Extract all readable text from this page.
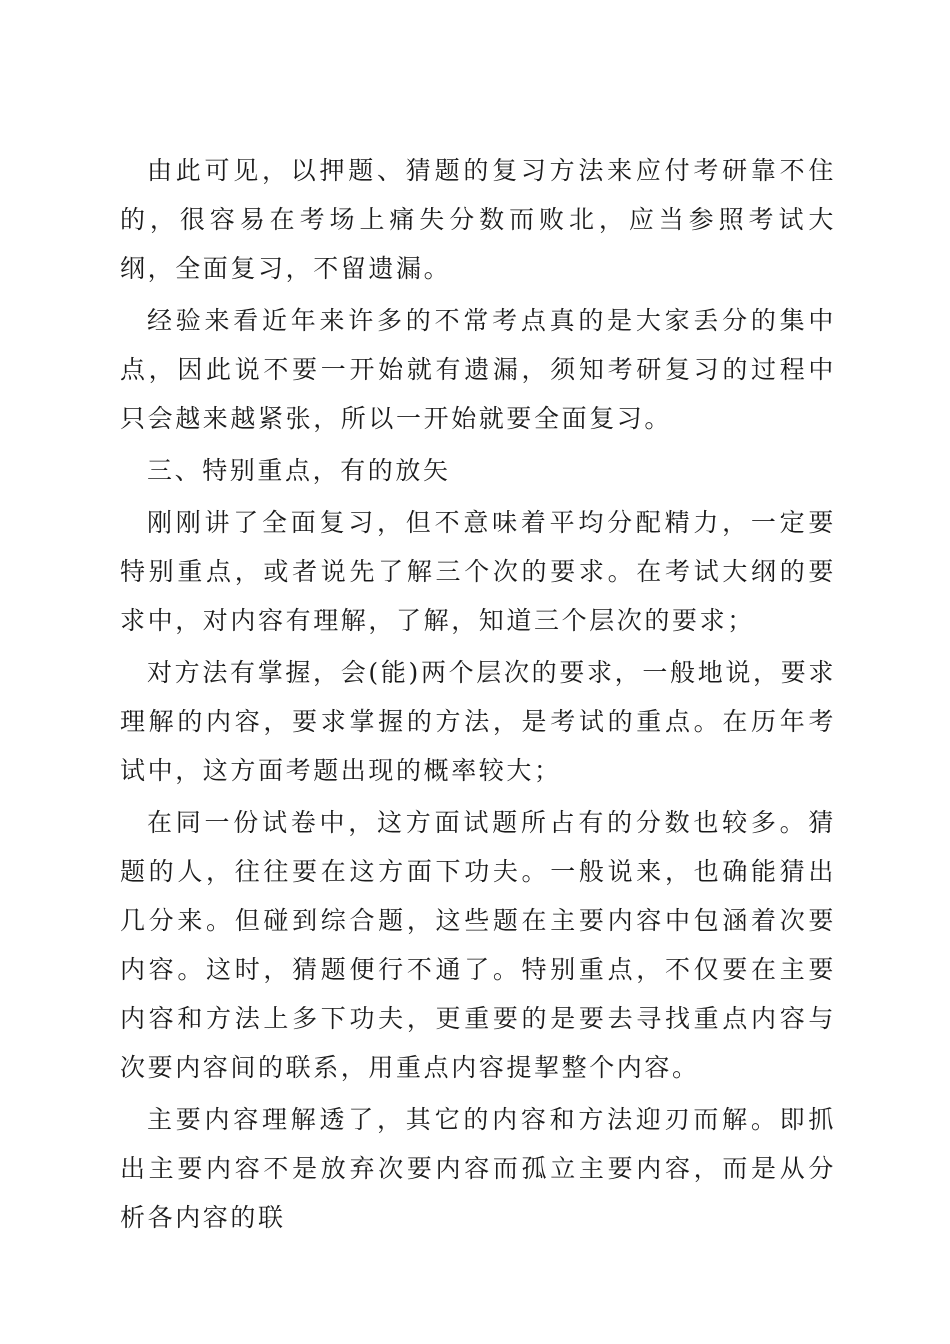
由此可见，以押题、猜题的复习方法来应付考研靠不住的，很容易在考场上痛失分数而败北，应当参照考试大纲，全面复习，不留遗漏。

经验来看近年来许多的不常考点真的是大家丢分的集中点，因此说不要一开始就有遗漏，须知考研复习的过程中只会越来越紧张，所以一开始就要全面复习。

三、特别重点，有的放矢

刚刚讲了全面复习，但不意味着平均分配精力，一定要特别重点，或者说先了解三个次的要求。在考试大纲的要求中，对内容有理解，了解，知道三个层次的要求；

对方法有掌握，会(能)两个层次的要求，一般地说，要求理解的内容，要求掌握的方法，是考试的重点。在历年考试中，这方面考题出现的概率较大；

在同一份试卷中，这方面试题所占有的分数也较多。猜题的人，往往要在这方面下功夫。一般说来，也确能猜出几分来。但碰到综合题，这些题在主要内容中包涵着次要内容。这时，猜题便行不通了。特别重点，不仅要在主要内容和方法上多下功夫，更重要的是要去寻找重点内容与次要内容间的联系，用重点内容提挈整个内容。

主要内容理解透了，其它的内容和方法迎刃而解。即抓出主要内容不是放弃次要内容而孤立主要内容，而是从分析各内容的联
